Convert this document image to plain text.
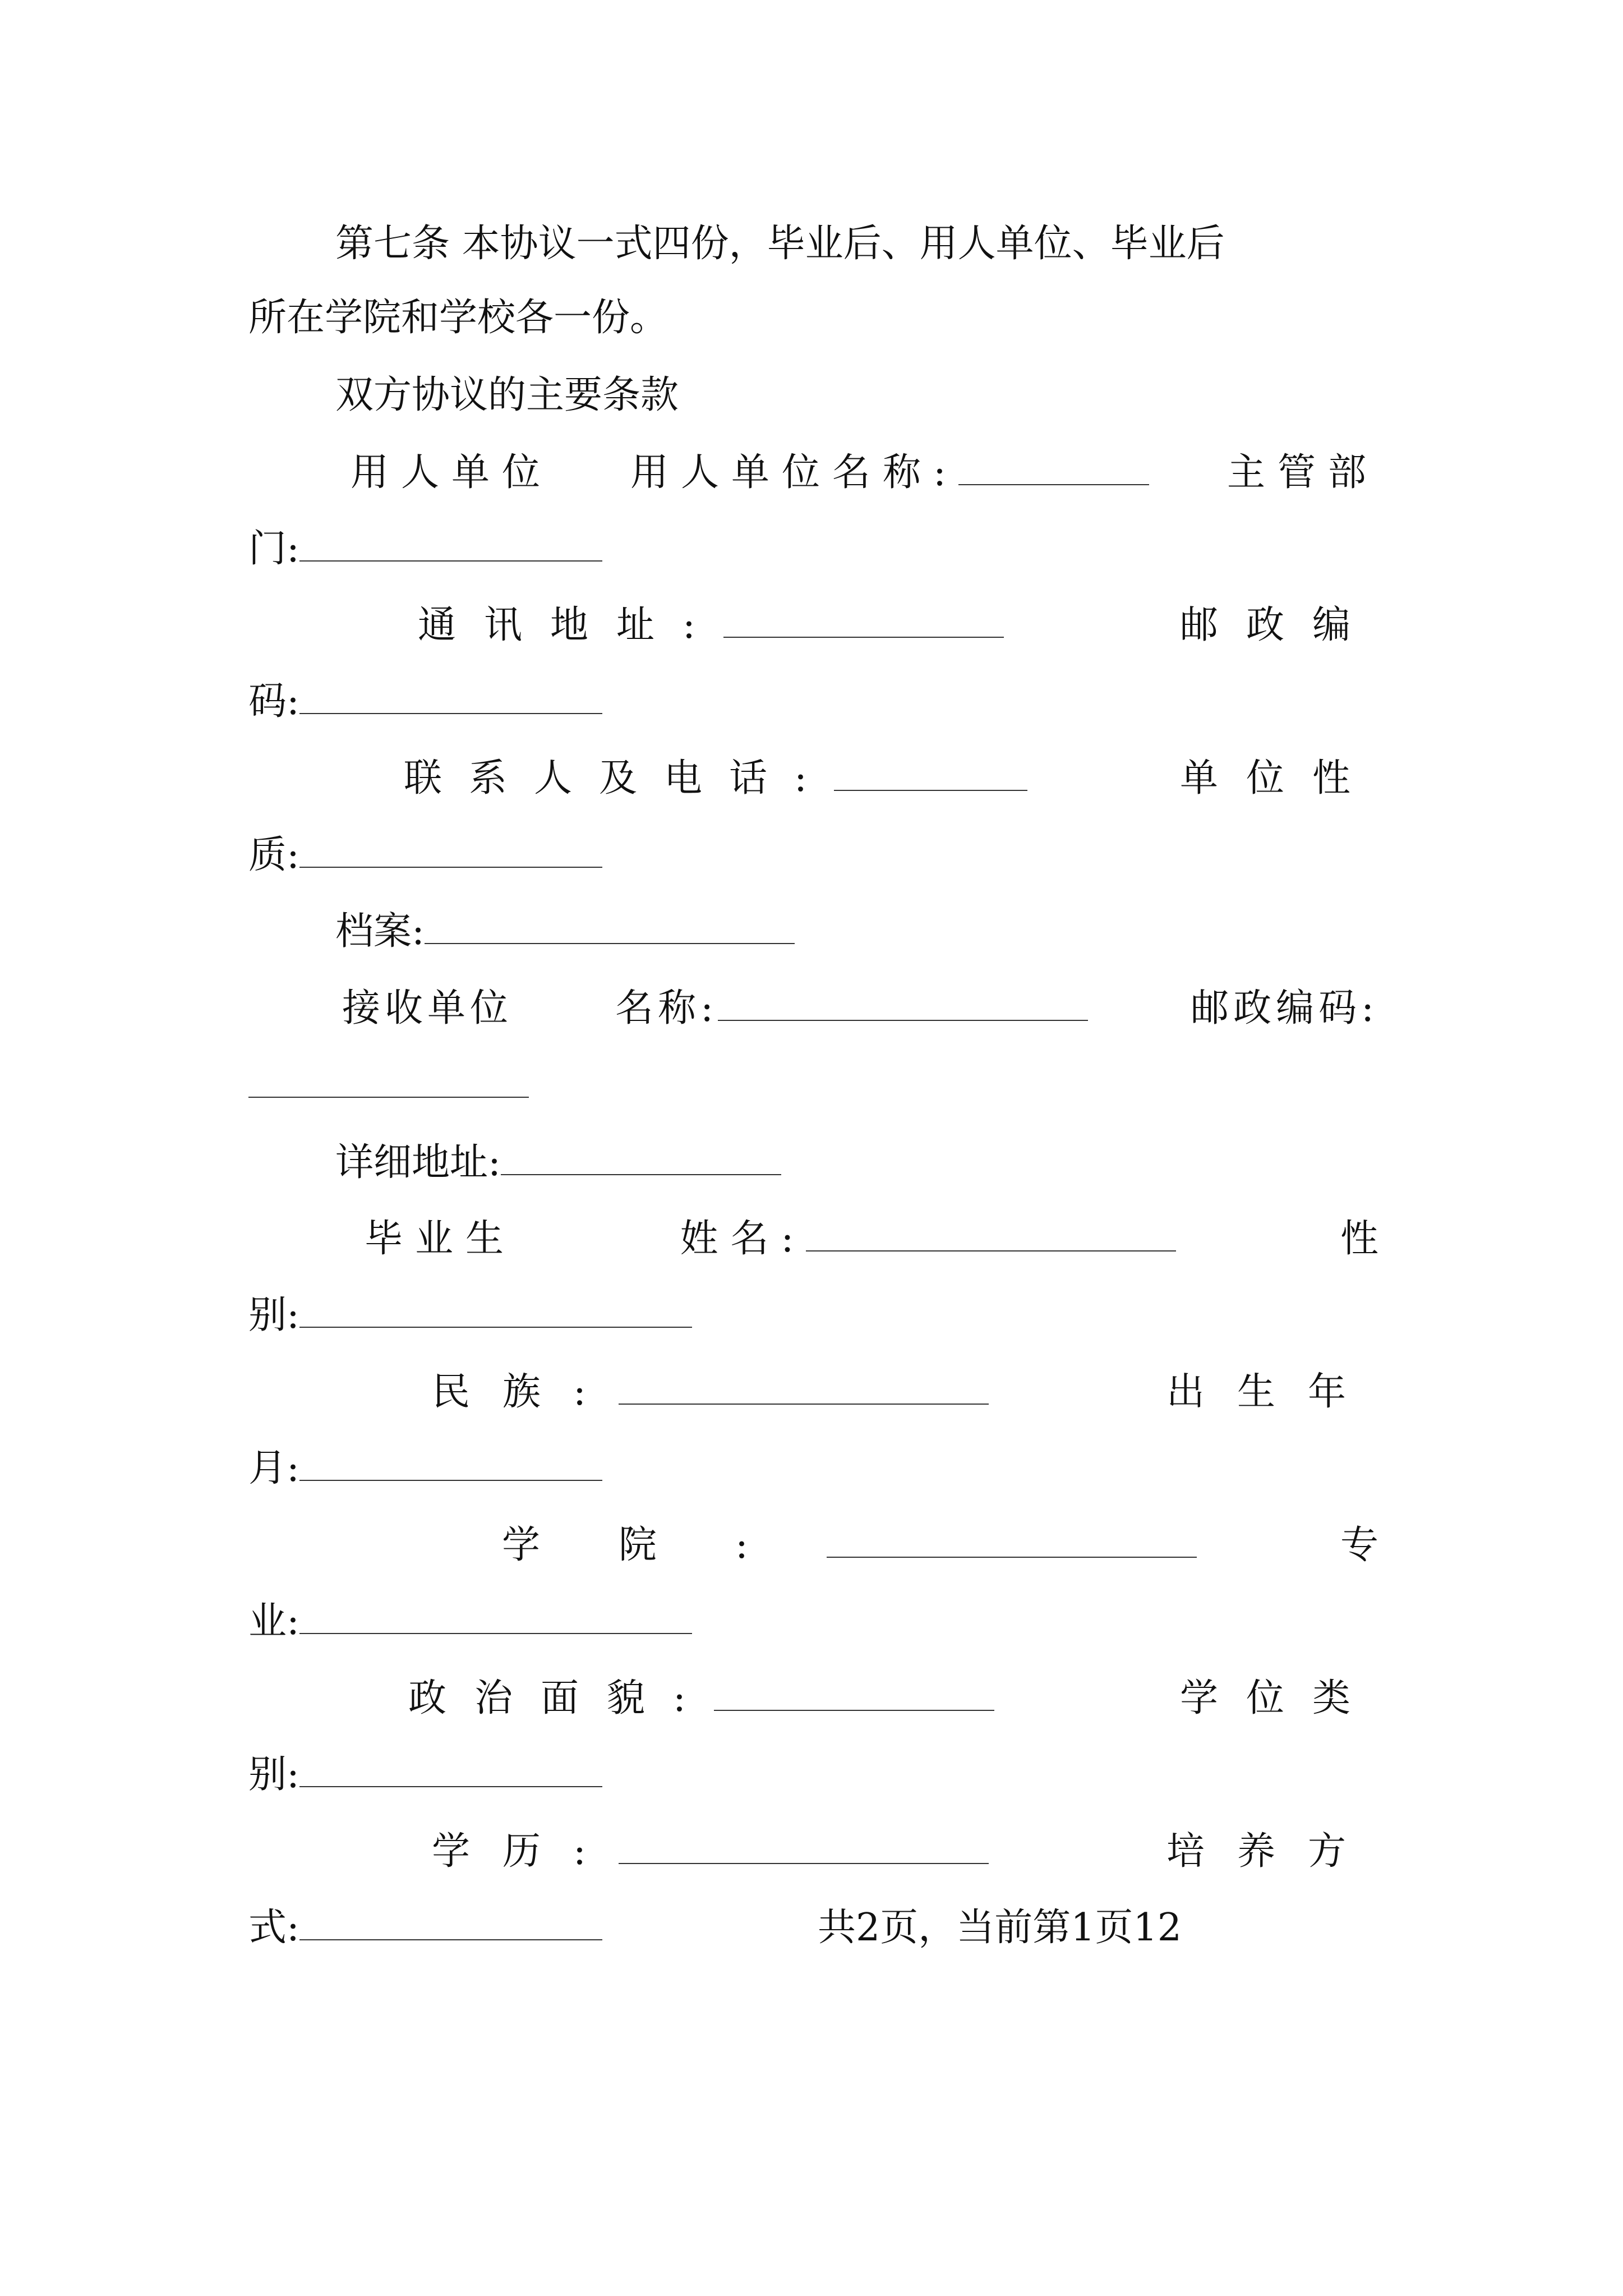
第七条 本协议一式四份，毕业后、用人单位、毕业后
所在学院和学校各一份。
双方协议的主要条款
用人单位 用人单位名称:	主管部
门:
通讯地址:	邮政编
码:
联系人及电话:	单位性
质:
档案:
接收单位	名称:	邮政编码:
详细地址:
毕业生	姓名:	性
别:
民族:	出生年
月:
学院:	专
业:
政治面貌:	学位类
别:
学历:	培养方
式:	共2页，当前第1页12
